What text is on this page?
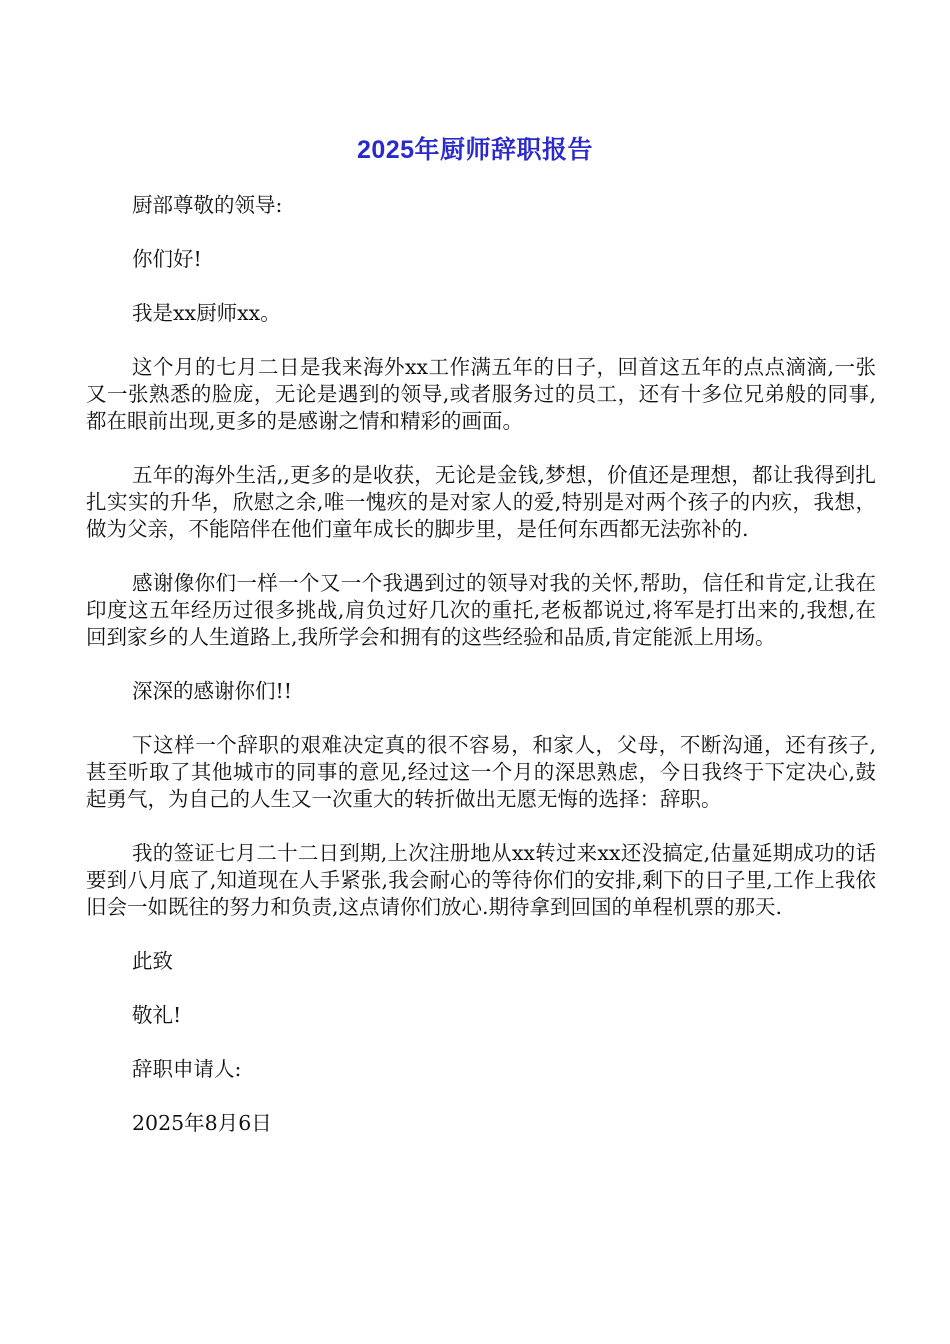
2025年厨师辞职报告

厨部尊敬的领导:

你们好!

我是xx厨师xx。

这个月的七月二日是我来海外xx工作满五年的日子，回首这五年的点点滴滴,一张又一张熟悉的脸庞，无论是遇到的领导,或者服务过的员工，还有十多位兄弟般的同事,都在眼前出现,更多的是感谢之情和精彩的画面。

五年的海外生活,,更多的是收获，无论是金钱,梦想，价值还是理想，都让我得到扎扎实实的升华，欣慰之余,唯一愧疚的是对家人的爱,特别是对两个孩子的内疚，我想，做为父亲，不能陪伴在他们童年成长的脚步里，是任何东西都无法弥补的.

感谢像你们一样一个又一个我遇到过的领导对我的关怀,帮助，信任和肯定,让我在印度这五年经历过很多挑战,肩负过好几次的重托,老板都说过,将军是打出来的,我想,在回到家乡的人生道路上,我所学会和拥有的这些经验和品质,肯定能派上用场。

深深的感谢你们!!

下这样一个辞职的艰难决定真的很不容易，和家人，父母，不断沟通，还有孩子,甚至听取了其他城市的同事的意见,经过这一个月的深思熟虑，今日我终于下定决心,鼓起勇气，为自己的人生又一次重大的转折做出无愿无悔的选择：辞职。

我的签证七月二十二日到期,上次注册地从xx转过来xx还没搞定,估量延期成功的话要到八月底了,知道现在人手紧张,我会耐心的等待你们的安排,剩下的日子里,工作上我依旧会一如既往的努力和负责,这点请你们放心.期待拿到回国的单程机票的那天.

此致

敬礼!

辞职申请人:

2025年8月6日
